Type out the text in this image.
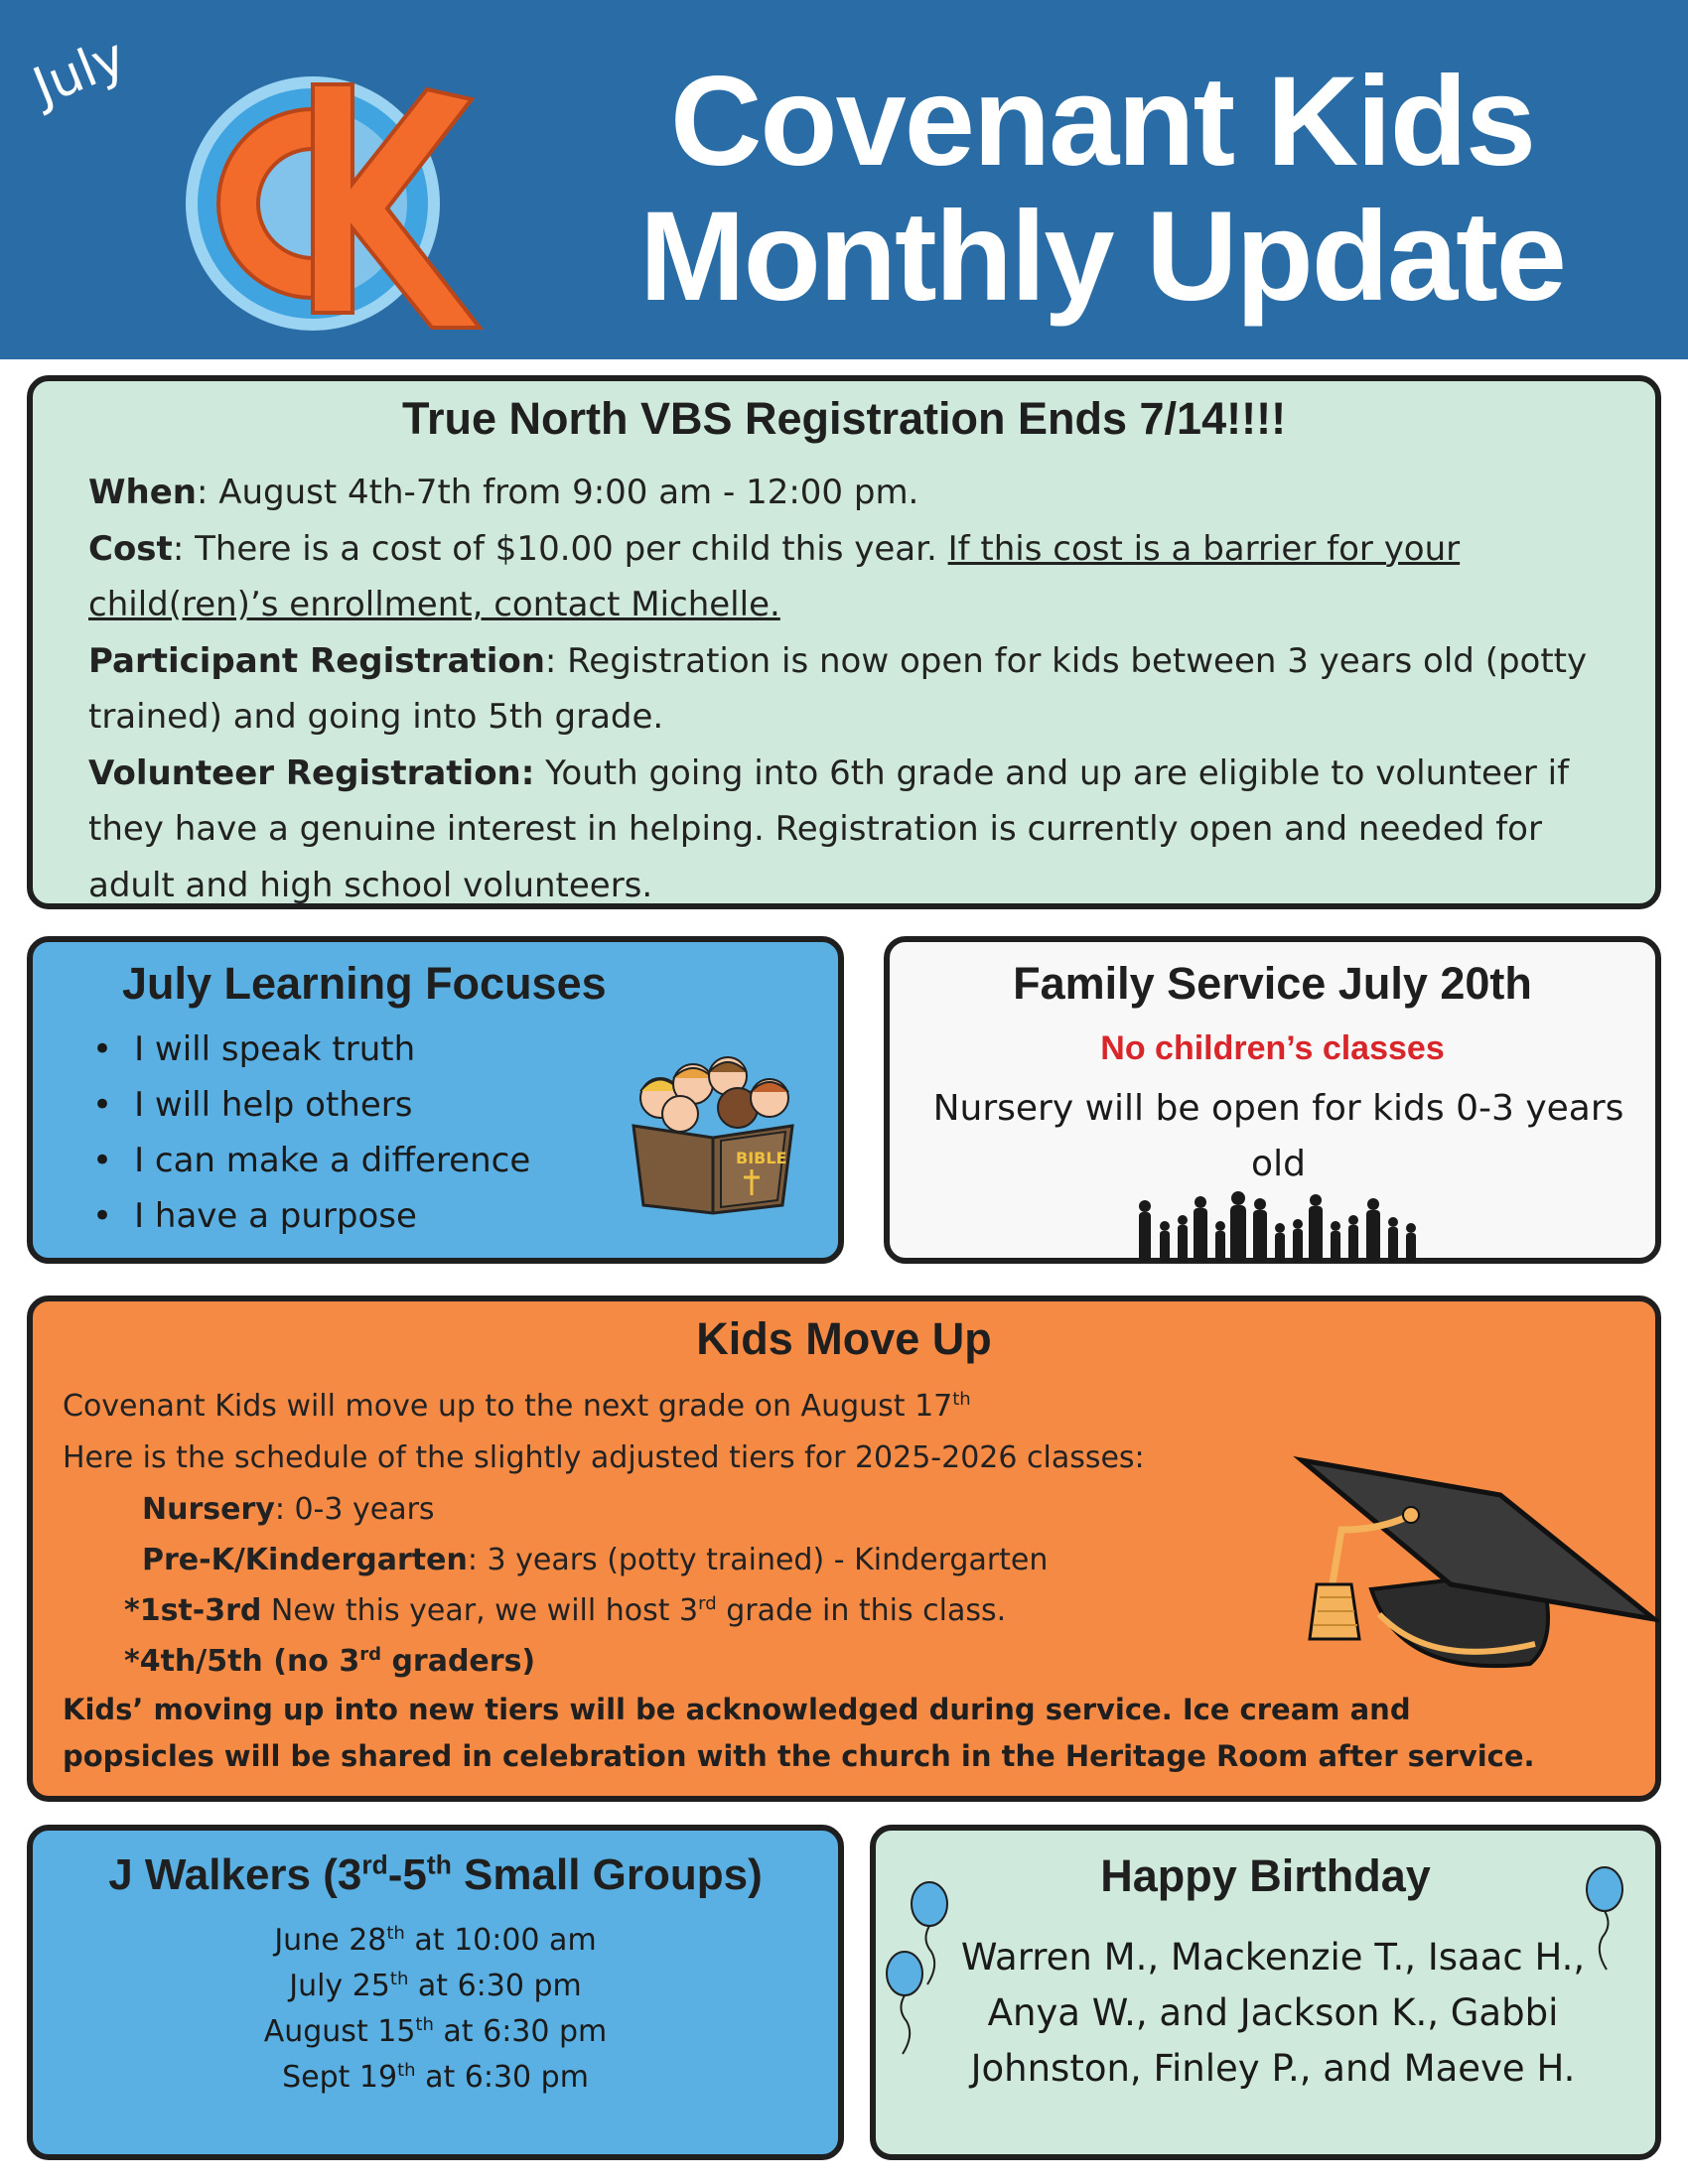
July
CK
Covenant Kids
Monthly Update
True North VBS Registration Ends 7/14!!!!
When: August 4th-7th from 9:00 am - 12:00 pm.
Cost: There is a cost of $10.00 per child this year. If this cost is a barrier for your child(ren)’s enrollment, contact Michelle.
Participant Registration: Registration is now open for kids between 3 years old (potty trained) and going into 5th grade.
Volunteer Registration: Youth going into 6th grade and up are eligible to volunteer if they have a genuine interest in helping. Registration is currently open and needed for adult and high school volunteers.
July Learning Focuses
• I will speak truth
• I will help others
• I can make a difference
• I have a purpose
BIBLE
Family Service July 20th
No children’s classes
Nursery will be open for kids 0-3 years old
Kids Move Up
Covenant Kids will move up to the next grade on August 17th
Here is the schedule of the slightly adjusted tiers for 2025-2026 classes:
Nursery: 0-3 years
Pre-K/Kindergarten: 3 years (potty trained) - Kindergarten
*1st-3rd New this year, we will host 3rd grade in this class.
*4th/5th (no 3rd graders)
Kids’ moving up into new tiers will be acknowledged during service. Ice cream and popsicles will be shared in celebration with the church in the Heritage Room after service.
J Walkers (3rd-5th Small Groups)
June 28th at 10:00 am
July 25th at 6:30 pm
August 15th at 6:30 pm
Sept 19th at 6:30 pm
Happy Birthday
Warren M., Mackenzie T., Isaac H., Anya W., and Jackson K., Gabbi Johnston, Finley P., and Maeve H.
